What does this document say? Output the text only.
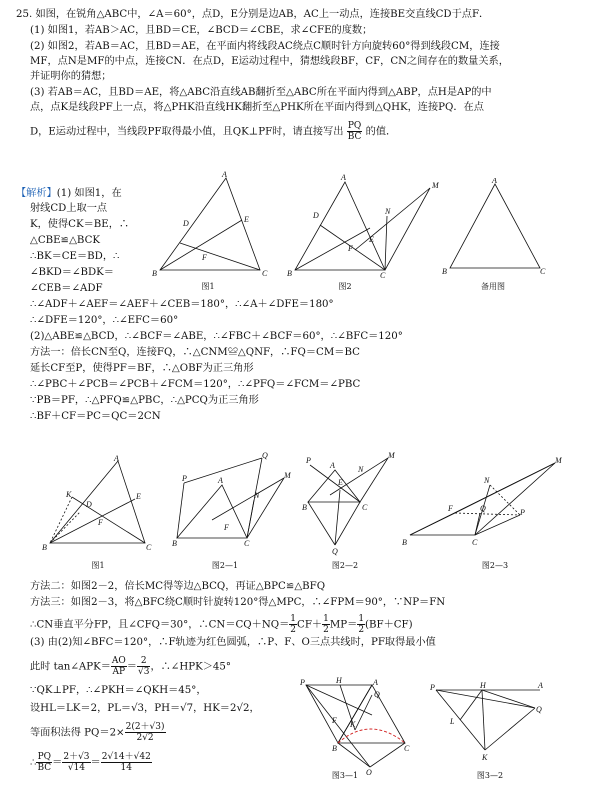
25. 如图，在锐角△ABC中，∠A＝60°，点D，E分别是边AB，AC上一动点，连接BE交直线CD于点F．
(1) 如图1，若AB＞AC，且BD＝CE，∠BCD＝∠CBE，求∠CFE的度数；
(2) 如图2，若AB＝AC，且BD＝AE，在平面内将线段AC绕点C顺时针方向旋转60°得到线段CM，连接
MF，点N是MF的中点，连接CN．在点D，E运动过程中，猜想线段BF，CF，CN之间存在的数量关系，
并证明你的猜想；
(3) 若AB＝AC，且BD＝AE，将△ABC沿直线AB翻折至△ABC所在平面内得到△ABP，点H是AP的中
点，点K是线段PF上一点，将△PHK沿直线HK翻折至△PHK所在平面内得到△QHK，连接PQ．在点
D，E运动过程中，当线段PF取得最小值，且QK⊥PF时，请直接写出 $\frac{PQ}{BC}$ 的值．
【解析】(1) 如图1，在
射线CD上取一点
K，使得CK＝BE，∴
△CBE≌△BCK
∴BK＝CE＝BD，∴
∠BKD＝∠BDK＝
∠CEB＝∠ADF
∴∠ADF＋∠AEF＝∠AEF＋∠CEB＝180°，∴∠A＋∠DFE＝180°
∴∠DFE＝120°，∴∠EFC＝60°
(2)△ABE≌△BCD，∴∠BCF＝∠ABE，∴∠FBC＋∠BCF＝60°，∴∠BFC＝120°
方法一：倍长CN至Q，连接FQ，∴△CNM≌△QNF，∴FQ＝CM＝BC
延长CF至P，使得PF＝BF，∴△OBF为正三角形
∴∠PBC＋∠PCB＝∠PCB＋∠FCM＝120°，∴∠PFQ＝∠FCM＝∠PBC
∵PB＝PF，∴△PFQ≌△PBC，∴△PCQ为正三角形
∴BF＋CF＝PC＝QC＝2CN
A
B	C
D	E
F
图1
A
B	C
D
E
F
M
N
图2
A
B	C
备用图
A
B	C
K
D
E
F
图1
P
Q
A
B	C
M
N
F
图2—1
P
A
M
N
E
B	C
Q
图2—2
M
N
F	Q	P
B	C
图2—3
方法二：如图2－2，倍长MC得等边△BCQ，再证△BPC≌△BFQ
方法三：如图2－3，将△BFC绕C顺时针旋转120°得△MPC，∴∠FPM＝90°，∵NP＝FN
∴CN垂直平分FP，且∠CFQ＝30°，∴CN＝CQ＋NQ＝ $\frac{1}{2} CF+ \frac{1}{2} MP= \frac{1}{2} (BF+CF)$
(3) 由(2)知∠BFC＝120°，∴F轨迹为红色圆弧，∴P、F、O三点共线时，PF取得最小值
此时 tan∠APK＝ $\frac{AO}{AP} = \frac{2}{√3}$ ，∴∠HPK＞45°
∵QK⊥PF，∴∠PKH＝∠QKH＝45°，
设HL＝LK＝2，PL＝√3，PH＝√7，HK＝2√2，
等面积法得 $PQ=2\times \frac{2(2+√3)}{2√2}$
∴ $\frac{PQ}{BC} = \frac{2+√3}{√14} = \frac{2√14+√42}{14}$
P	H	A
Q
B	C
O
K
F
图3—1
P	H	A
Q
L
K
图3—2
